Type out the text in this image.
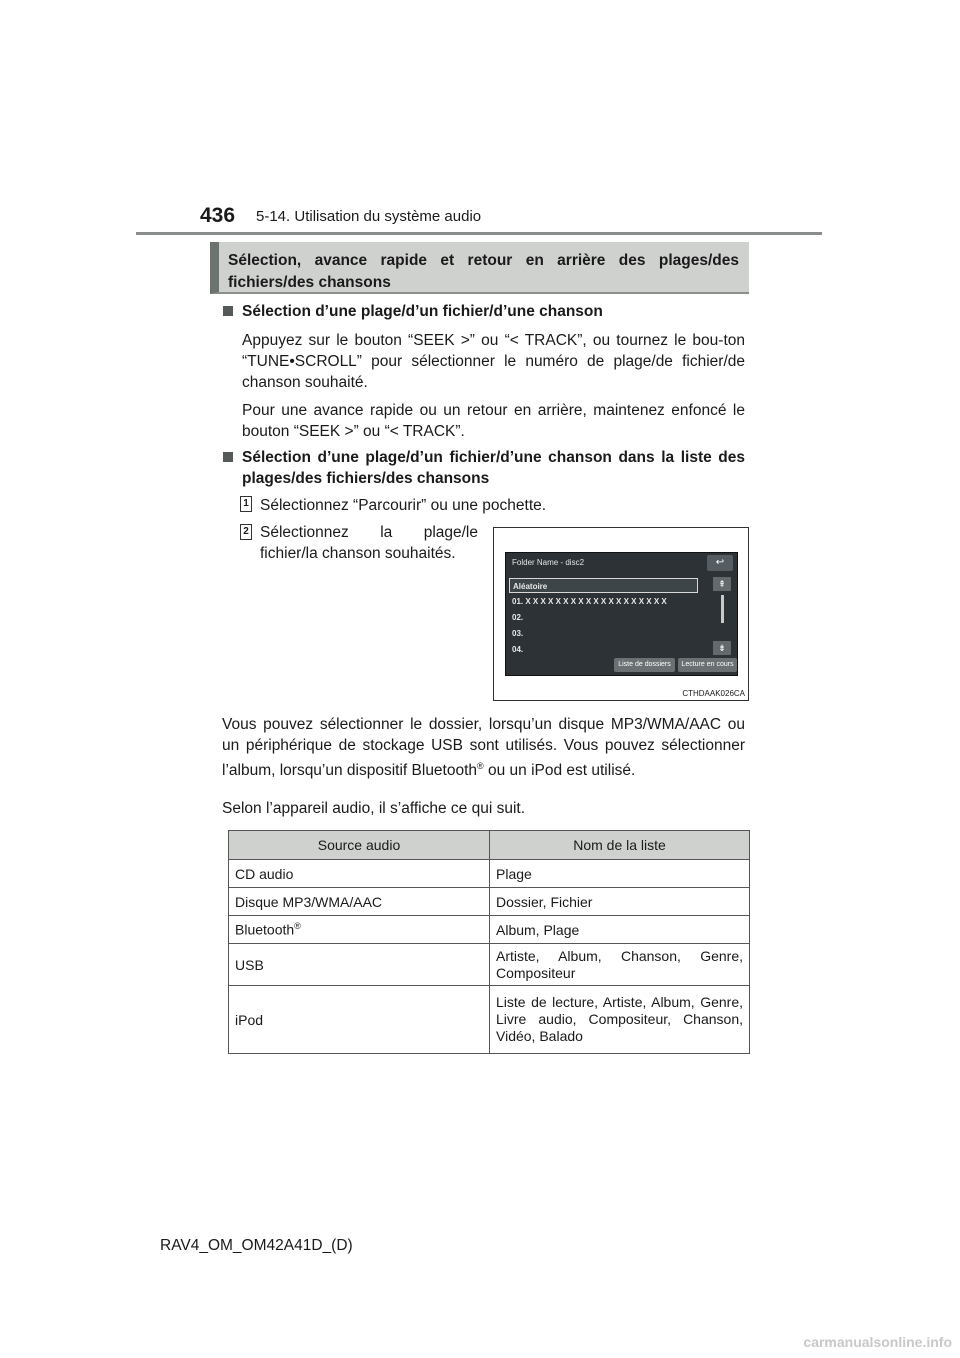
436 5-14. Utilisation du système audio
Sélection, avance rapide et retour en arrière des plages/des fichiers/des chansons
Sélection d’une plage/d’un fichier/d’une chanson
Appuyez sur le bouton “SEEK >” ou “< TRACK”, ou tournez le bou-ton “TUNE•SCROLL” pour sélectionner le numéro de plage/de fichier/de chanson souhaité.
Pour une avance rapide ou un retour en arrière, maintenez enfoncé le bouton “SEEK >” ou “< TRACK”.
Sélection d’une plage/d’un fichier/d’une chanson dans la liste des plages/des fichiers/des chansons
1 Sélectionnez “Parcourir” ou une pochette.
2 Sélectionnez la plage/le fichier/la chanson souhaités.
Folder Name - disc2	↩
Aléatoire
01. X X X X X X X X X X X X X X X X X X X
02.
03.
04.
⇞
⇟
Liste de dossiers	Lecture en cours
CTHDAAK026CA
Vous pouvez sélectionner le dossier, lorsqu’un disque MP3/WMA/AAC ou un périphérique de stockage USB sont utilisés. Vous pouvez sélectionner l’album, lorsqu’un dispositif Bluetooth® ou un iPod est utilisé.
Selon l’appareil audio, il s’affiche ce qui suit.
Source audio	Nom de la liste
CD audio	Plage
Disque MP3/WMA/AAC	Dossier, Fichier
Bluetooth®	Album, Plage
USB	Artiste, Album, Chanson, Genre, Compositeur
iPod	Liste de lecture, Artiste, Album, Genre, Livre audio, Compositeur, Chanson, Vidéo, Balado
RAV4_OM_OM42A41D_(D)
carmanualsonline.info
